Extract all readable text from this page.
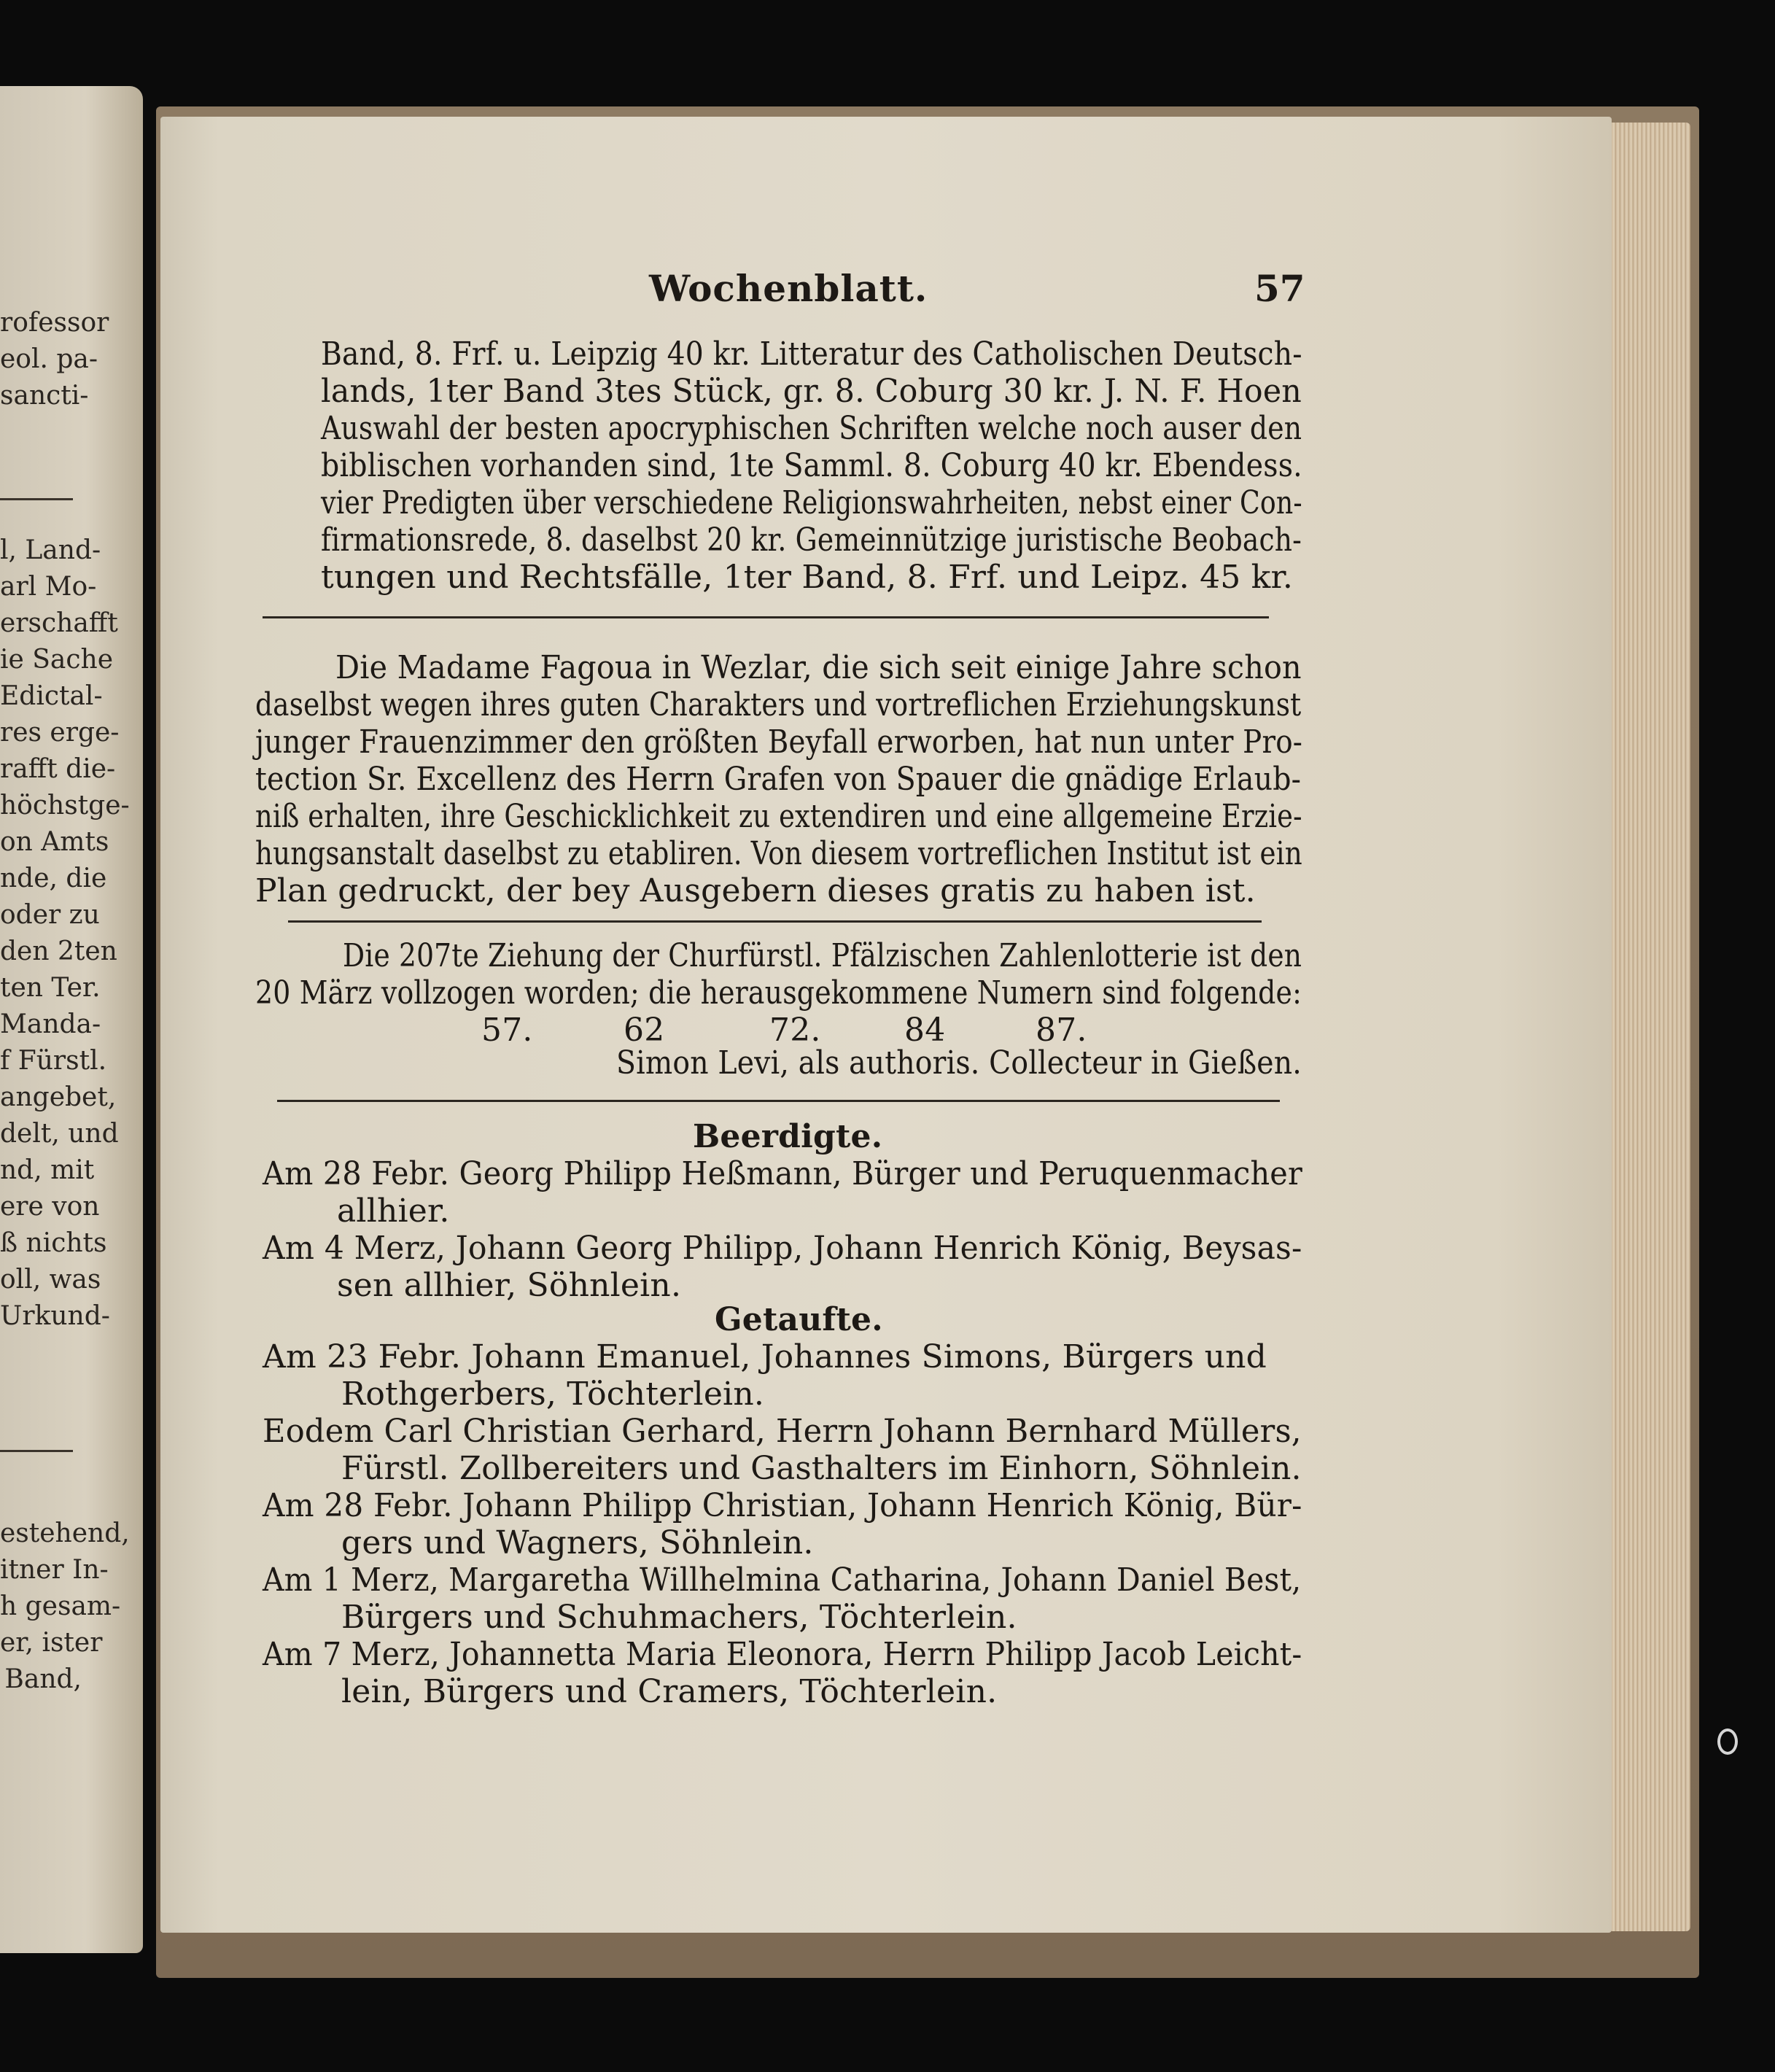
rofessor
eol. pa-
sancti-
l, Land-
arl Mo-
erschafft
ie Sache
Edictal-
res erge-
rafft die-
höchstge-
on Amts
nde, die
oder zu
den 2ten
ten Ter.
Manda-
f Fürstl.
angebet,
delt, und
nd, mit
ere von
ß nichts
oll, was
Urkund-
estehend,
itner In-
h gesam-
er, ister
Band,
Wochenblatt.	57
Band, 8. Frf. u. Leipzig 40 kr. Litteratur des Catholischen Deutsch-
lands, 1ter Band 3tes Stück, gr. 8. Coburg 30 kr. J. N. F. Hoen
Auswahl der besten apocryphischen Schriften welche noch auser den
biblischen vorhanden sind, 1te Samml. 8. Coburg 40 kr. Ebendess.
vier Predigten über verschiedene Religionswahrheiten, nebst einer Con-
firmationsrede, 8. daselbst 20 kr. Gemeinnützige juristische Beobach-
tungen und Rechtsfälle, 1ter Band, 8. Frf. und Leipz. 45 kr.
Die Madame Fagoua in Wezlar, die sich seit einige Jahre schon
daselbst wegen ihres guten Charakters und vortreflichen Erziehungskunst
junger Frauenzimmer den größten Beyfall erworben, hat nun unter Pro-
tection Sr. Excellenz des Herrn Grafen von Spauer die gnädige Erlaub-
niß erhalten, ihre Geschicklichkeit zu extendiren und eine allgemeine Erzie-
hungsanstalt daselbst zu etabliren. Von diesem vortreflichen Institut ist ein
Plan gedruckt, der bey Ausgebern dieses gratis zu haben ist.
Die 207te Ziehung der Churfürstl. Pfälzischen Zahlenlotterie ist den
20 März vollzogen worden; die herausgekommene Numern sind folgende:
57.	62	72.	84	87.
Simon Levi, als authoris. Collecteur in Gießen.
Beerdigte.
Am 28 Febr. Georg Philipp Heßmann, Bürger und Peruquenmacher
allhier.
Am 4 Merz, Johann Georg Philipp, Johann Henrich König, Beysas-
sen allhier, Söhnlein.
Getaufte.
Am 23 Febr. Johann Emanuel, Johannes Simons, Bürgers und
Rothgerbers, Töchterlein.
Eodem Carl Christian Gerhard, Herrn Johann Bernhard Müllers,
Fürstl. Zollbereiters und Gasthalters im Einhorn, Söhnlein.
Am 28 Febr. Johann Philipp Christian, Johann Henrich König, Bür-
gers und Wagners, Söhnlein.
Am 1 Merz, Margaretha Willhelmina Catharina, Johann Daniel Best,
Bürgers und Schuhmachers, Töchterlein.
Am 7 Merz, Johannetta Maria Eleonora, Herrn Philipp Jacob Leicht-
lein, Bürgers und Cramers, Töchterlein.
